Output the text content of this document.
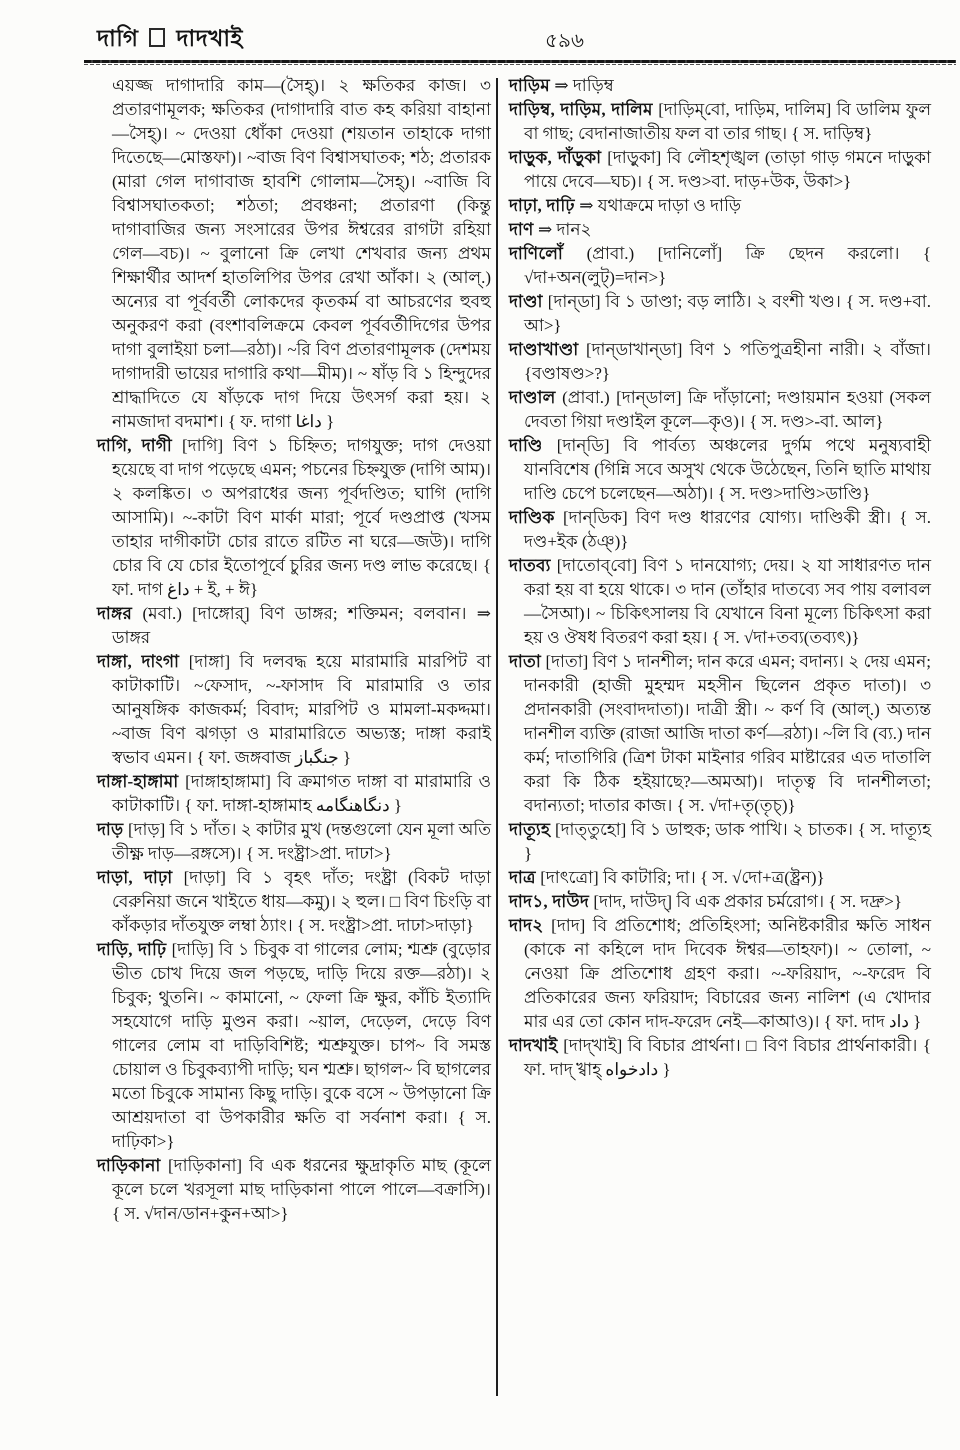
দাগি দাদখাই	৫৯৬
এয়জ্জ দাগাদারি কাম—(সৈহ্)। ২ ক্ষতিকর কাজ। ৩ প্রতারণামূলক; ক্ষতিকর (দাগাদারি বাত কহ করিয়া বাহানা—সৈহ্)। ~ দেওয়া ধোঁকা দেওয়া (শয়তান তাহাকে দাগা দিতেছে—মোস্তফা)। ~বাজ বিণ বিশ্বাসঘাতক; শঠ; প্রতারক (মারা গেল দাগাবাজ হাবশি গোলাম—সৈহ্)। ~বাজি বি বিশ্বাসঘাতকতা; শঠতা; প্রবঞ্চনা; প্রতারণা (কিন্তু দাগাবাজির জন্য সংসারের উপর ঈশ্বরের রাগটা রহিয়া গেল—বচ)। ~ বুলানো ক্রি লেখা শেখবার জন্য প্রথম শিক্ষার্থীর আদর্শ হাতলিপির উপর রেখা আঁকা। ২ (আল্.) অন্যের বা পূর্ববর্তী লোকদের কৃতকর্ম বা আচরণের হুবহু অনুকরণ করা (বংশাবলিক্রমে কেবল পূর্ববর্তীদিগের উপর দাগা বুলাইয়া চলা—রঠা)। ~রি বিণ প্রতারণামূলক (দেশময় দাগাদারী ভায়ের দাগারি কথা—মীম)। ~ ষাঁড় বি ১ হিন্দুদের শ্রাদ্ধাদিতে যে ষাঁড়কে দাগ দিয়ে উৎসর্গ করা হয়। ২ নামজাদা বদমাশ। { ফ. দাগা داغا }
দাগি, দাগী [দাগি] বিণ ১ চিহ্নিত; দাগযুক্ত; দাগ দেওয়া হয়েছে বা দাগ পড়েছে এমন; পচনের চিহ্নযুক্ত (দাগি আম)। ২ কলঙ্কিত। ৩ অপরাধের জন্য পূর্বদণ্ডিত; ঘাগি (দাগি আসামি)। ~-কাটা বিণ মার্কা মারা; পূর্বে দণ্ডপ্রাপ্ত (খসম তাহার দাগীকাটা চোর রাতে রটিত না ঘরে—জউ)। দাগি চোর বি যে চোর ইতোপূর্বে চুরির জন্য দণ্ড লাভ করেছে। { ফা. দাগ داغ + ই, + ঈ}
দাঙ্গর (মবা.) [দাঙ্গোর্] বিণ ডাঙ্গর; শক্তিমন; বলবান। ⇒ ডাঙ্গর
দাঙ্গা, দাংগা [দাঙ্গা] বি দলবদ্ধ হয়ে মারামারি মারপিট বা কাটাকাটি। ~ফেসাদ, ~-ফাসাদ বি মারামারি ও তার আনুষঙ্গিক কাজকর্ম; বিবাদ; মারপিট ও মামলা-মকদ্দমা। ~বাজ বিণ ঝগড়া ও মারামারিতে অভ্যস্ত; দাঙ্গা করাই স্বভাব এমন। { ফা. জঙ্গবাজ جنگباز }
দাঙ্গা-হাঙ্গামা [দাঙ্গাহাঙ্গামা] বি ক্রমাগত দাঙ্গা বা মারামারি ও কাটাকাটি। { ফা. দাঙ্গা-হাঙ্গামাহ دنگاهنگامه }
দাড় [দাড়] বি ১ দাঁত। ২ কাটার মুখ (দন্তগুলো যেন মূলা অতি তীক্ষ্ণ দাড়—রঙ্গসে)। { স. দংষ্ট্রা>প্রা. দাঢা>}
দাড়া, দাঢ়া [দাড়া] বি ১ বৃহৎ দাঁত; দংষ্ট্রা (বিকট দাড়া বেরুনিয়া জনে খাইতে ধায়—কমু)। ২ হুল। □ বিণ চিংড়ি বা কাঁকড়ার দাঁতযুক্ত লম্বা ঠ্যাং। { স. দংষ্ট্রা>প্রা. দাঢা>দাড়া}
দাড়ি, দাঢ়ি [দাড়ি] বি ১ চিবুক বা গালের লোম; শ্মশ্রু (বুড়োর ভীত চোখ দিয়ে জল পড়ছে, দাড়ি দিয়ে রক্ত—রঠা)। ২ চিবুক; থুতনি। ~ কামানো, ~ ফেলা ক্রি ক্ষুর, কাঁচি ইত্যাদি সহযোগে দাড়ি মুণ্ডন করা। ~য়াল, দেড়েল, দেড়ে বিণ গালের লোম বা দাড়িবিশিষ্ট; শ্মশ্রুযুক্ত। চাপ~ বি সমস্ত চোয়াল ও চিবুকব্যাপী দাড়ি; ঘন শ্মশ্রু। ছাগল~ বি ছাগলের মতো চিবুকে সামান্য কিছু দাড়ি। বুকে বসে ~ উপড়ানো ক্রি আশ্রয়দাতা বা উপকারীর ক্ষতি বা সর্বনাশ করা। { স. দাঢ়িকা>}
দাড়িকানা [দাড়িকানা] বি এক ধরনের ক্ষুদ্রাকৃতি মাছ (কূলে কূলে চলে খরসূলা মাছ দাড়িকানা পালে পালে—বক্রাসি)। { স. √দান/ডান+কুন+আ>}
দাড়িম ⇒ দাড়িম্ব
দাড়িম্ব, দাড়িম, দালিম [দাড়িম্‌বো, দাড়িম, দালিম] বি ডালিম ফুল বা গাছ; বেদানাজাতীয় ফল বা তার গাছ। { স. দাড়িম্ব}
দাড়ুক, দাঁড়ুকা [দাড়ুকা] বি লৌহশৃঙ্খল (তাড়া গাড় গমনে দাড়ুকা পায়ে দেবে—ঘচ)। { স. দণ্ড>বা. দাড়+উক, উকা>}
দাঢ়া, দাঢ়ি ⇒ যথাক্রমে দাড়া ও দাড়ি
দাণ ⇒ দান২
দাণিলোঁ (প্রাবা.) [দানিলোঁ] ক্রি ছেদন করলো। { √দা+অন(লুট্)=দান>}
দাণ্ডা [দান্‌ডা] বি ১ ডাণ্ডা; বড় লাঠি। ২ বংশী খণ্ড। { স. দণ্ড+বা. আ>}
দাণ্ডাখাণ্ডা [দান্‌ডাখান্‌ডা] বিণ ১ পতিপুত্রহীনা নারী। ২ বাঁজা। {বণ্ডাষণ্ড>?}
দাণ্ডাল (প্রাবা.) [দান্‌ডাল] ক্রি দাঁড়ানো; দণ্ডায়মান হওয়া (সকল দেবতা গিয়া দণ্ডাইল কূলে—কৃও)। { স. দণ্ড>-বা. আল}
দাণ্ডি [দান্‌ডি] বি পার্বত্য অঞ্চলের দুর্গম পথে মনুষ্যবাহী যানবিশেষ (গিন্নি সবে অসুখ থেকে উঠেছেন, তিনি ছাতি মাথায় দাণ্ডি চেপে চলেছেন—অঠা)। { স. দণ্ড>দাণ্ডি>ডাণ্ডি}
দাণ্ডিক [দান্‌ডিক] বিণ দণ্ড ধারণের যোগ্য। দাণ্ডিকী স্ত্রী। { স. দণ্ড+ইক (ঠঞ্)}
দাতব্য [দাতোব্‌বো] বিণ ১ দানযোগ্য; দেয়। ২ যা সাধারণত দান করা হয় বা হয়ে থাকে। ৩ দান (তাঁহার দাতব্যে সব পায় বলাবল—সৈআ)। ~ চিকিৎসালয় বি যেখানে বিনা মূল্যে চিকিৎসা করা হয় ও ঔষধ বিতরণ করা হয়। { স. √দা+তব্য(তব্যৎ)}
দাতা [দাতা] বিণ ১ দানশীল; দান করে এমন; বদান্য। ২ দেয় এমন; দানকারী (হাজী মুহম্মদ মহসীন ছিলেন প্রকৃত দাতা)। ৩ প্রদানকারী (সংবাদদাতা)। দাত্রী স্ত্রী। ~ কর্ণ বি (আল্.) অত্যন্ত দানশীল ব্যক্তি (রাজা আজি দাতা কর্ণ—রঠা)। ~লি বি (ব্য.) দান কর্ম; দাতাগিরি (ত্রিশ টাকা মাইনার গরিব মাষ্টারের এত দাতালি করা কি ঠিক হইয়াছে?—অমআ)। দাতৃত্ব বি দানশীলতা; বদান্যতা; দাতার কাজ। { স. √দা+তৃ(তৃচ্)}
দাত্যূহ [দাত্‌তুহো] বি ১ ডাহুক; ডাক পাখি। ২ চাতক। { স. দাত্যূহ }
দাত্র [দাৎত্রো] বি কাটারি; দা। { স. √দো+ত্র(ষ্ট্রন)}
দাদ১, দাউদ [দাদ, দাউদ্] বি এক প্রকার চর্মরোগ। { স. দদ্রু>}
দাদ২ [দাদ] বি প্রতিশোধ; প্রতিহিংসা; অনিষ্টকারীর ক্ষতি সাধন (কাকে না কহিলে দাদ দিবেক ঈশ্বর—তাহফা)। ~ তোলা, ~ নেওয়া ক্রি প্রতিশোধ গ্রহণ করা। ~-ফরিয়াদ, ~-ফরেদ বি প্রতিকারের জন্য ফরিয়াদ; বিচারের জন্য নালিশ (এ খোদার মার এর তো কোন দাদ-ফরেদ নেই—কাআও)। { ফা. দাদ داد }
দাদখাই [দাদ্‌খাই] বি বিচার প্রার্থনা। □ বিণ বিচার প্রার্থনাকারী। { ফা. দাদ্ খ্বাহ্ دادخواه }
